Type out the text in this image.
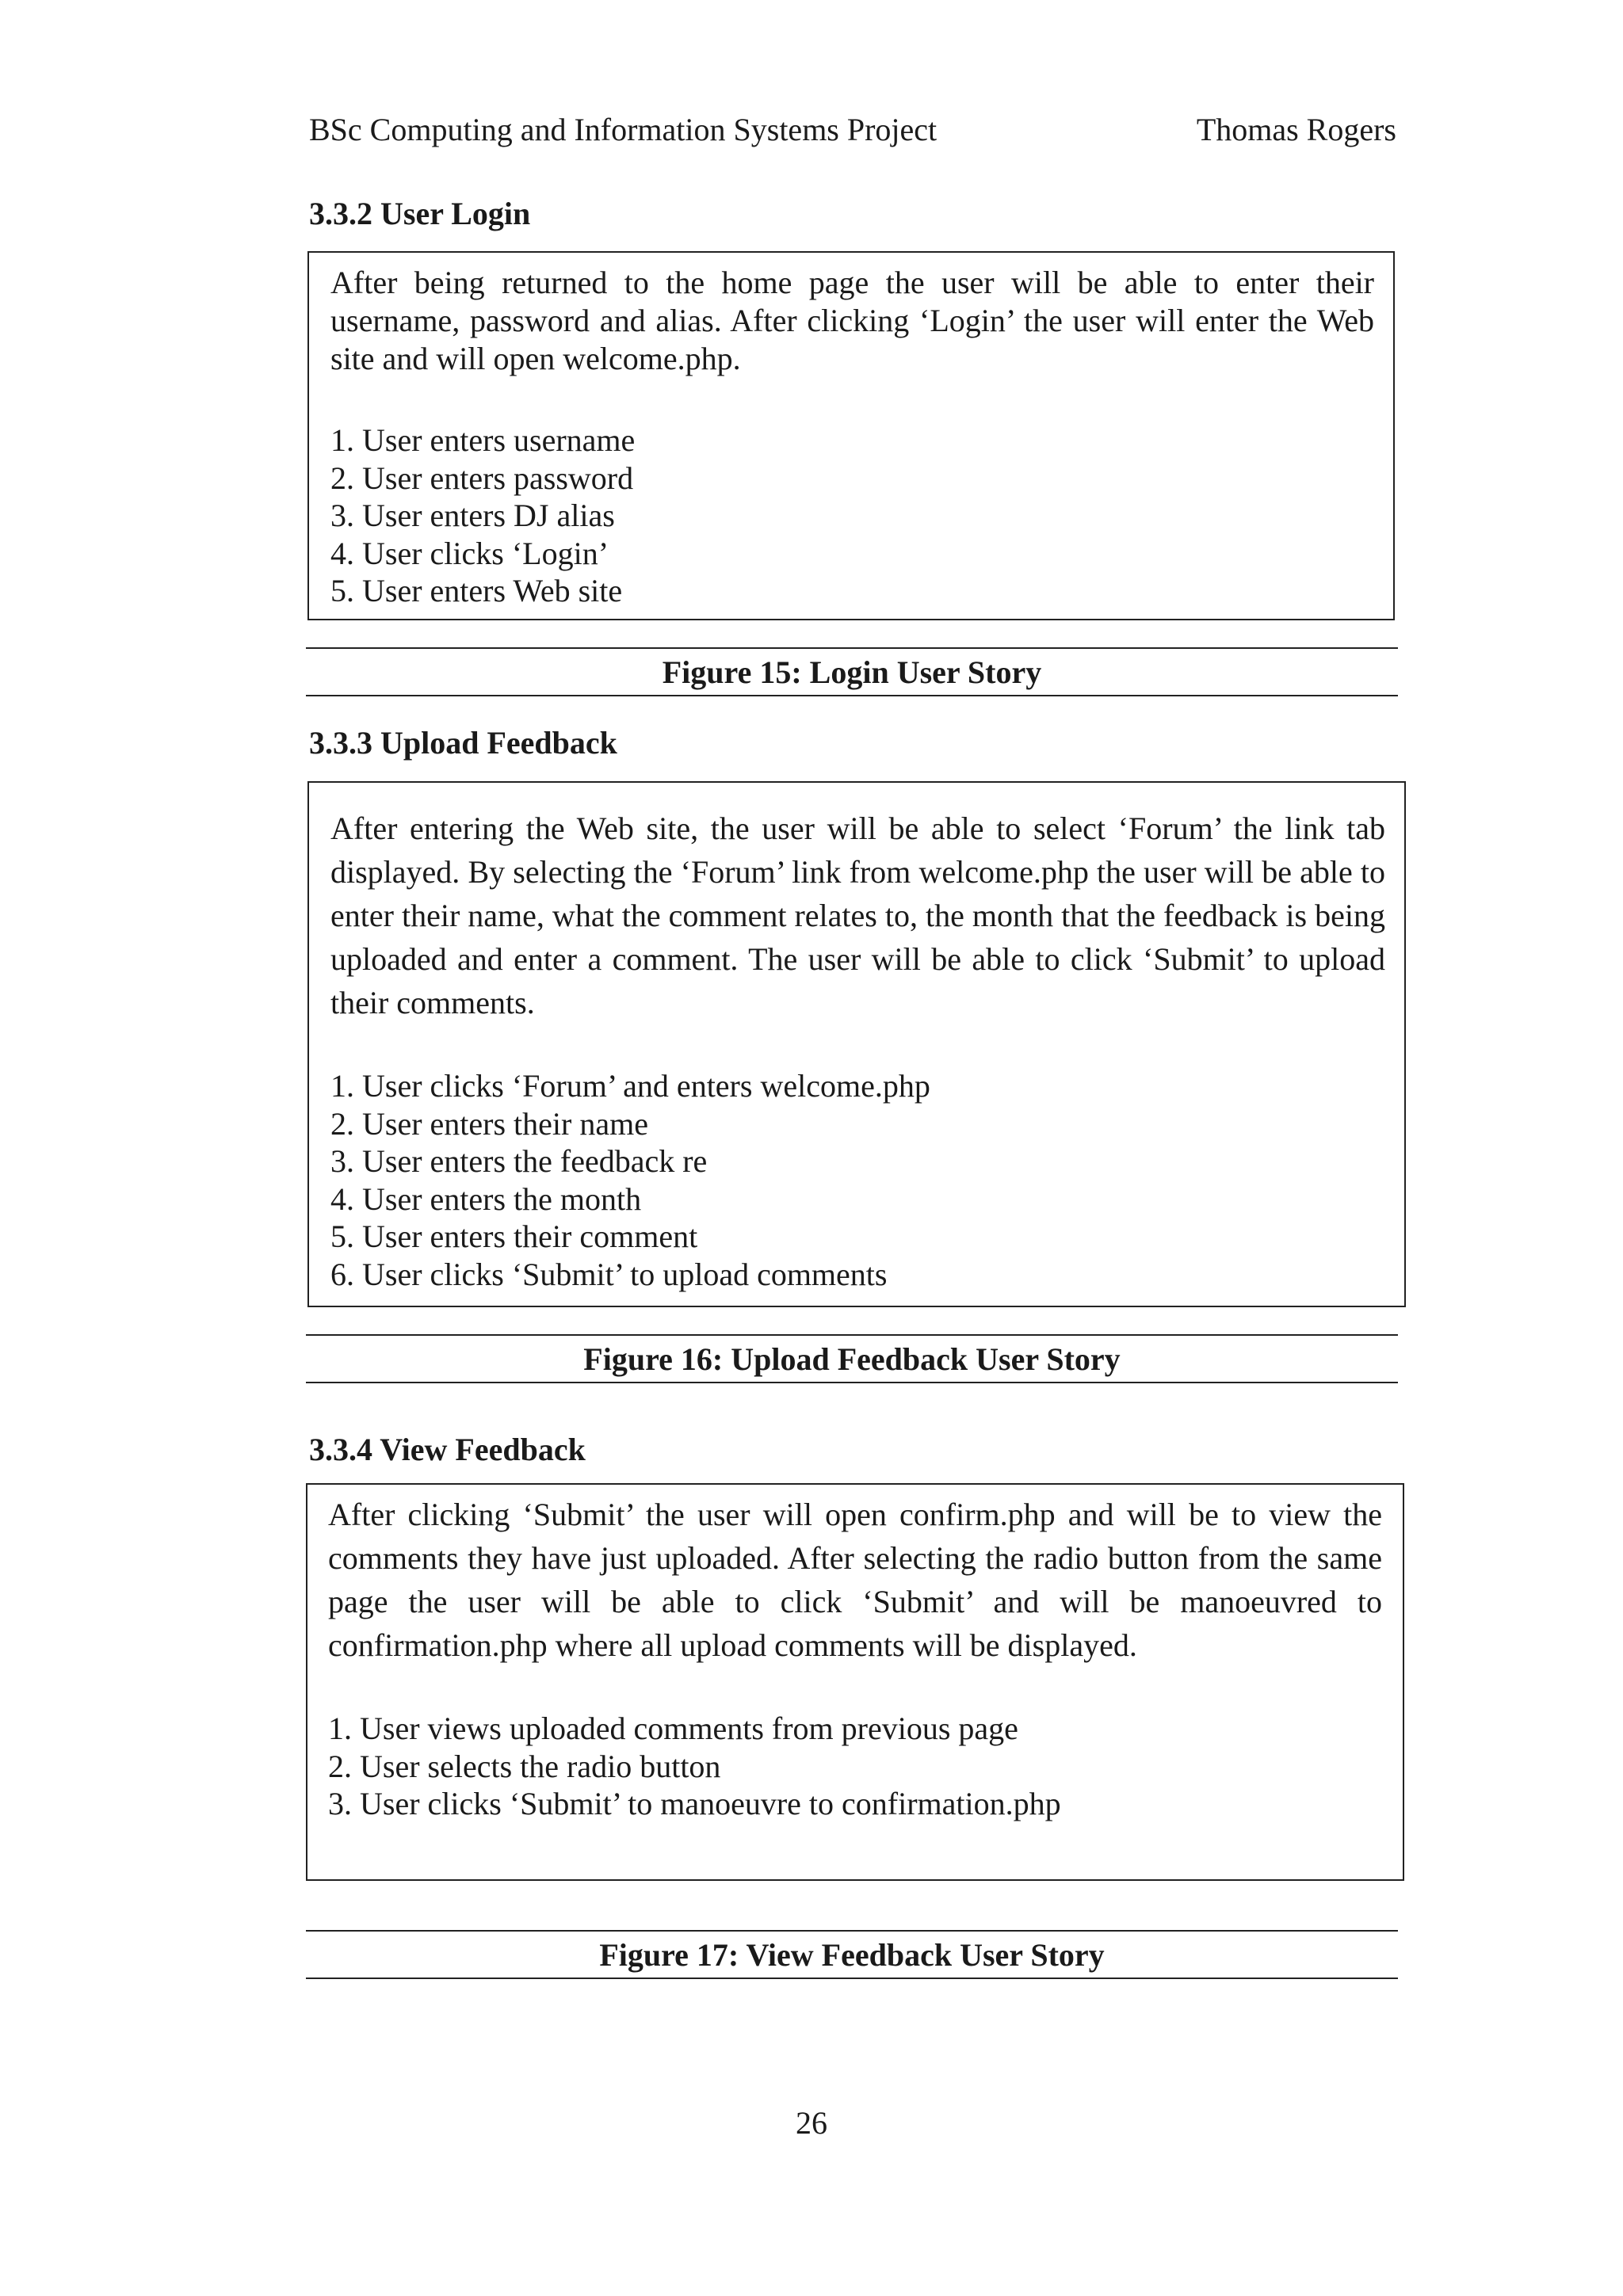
BSc Computing and Information Systems Project	Thomas Rogers
3.3.2 User Login

After being returned to the home page the user will be able to enter their username, password and alias. After clicking ‘Login’ the user will enter the Web site and will open welcome.php.

1. User enters username
2. User enters password
3. User enters DJ alias
4. User clicks ‘Login’
5. User enters Web site
Figure 15: Login User Story
3.3.3 Upload Feedback

After entering the Web site, the user will be able to select ‘Forum’ the link tab displayed. By selecting the ‘Forum’ link from welcome.php the user will be able to enter their name, what the comment relates to, the month that the feedback is being uploaded and enter a comment. The user will be able to click ‘Submit’ to upload their comments.

1. User clicks ‘Forum’ and enters welcome.php
2. User enters their name
3. User enters the feedback re
4. User enters the month
5. User enters their comment
6. User clicks ‘Submit’ to upload comments
Figure 16: Upload Feedback User Story
3.3.4 View Feedback

After clicking ‘Submit’ the user will open confirm.php and will be to view the comments they have just uploaded. After selecting the radio button from the same page the user will be able to click ‘Submit’ and will be manoeuvred to confirmation.php where all upload comments will be displayed.

1. User views uploaded comments from previous page
2. User selects the radio button
3. User clicks ‘Submit’ to manoeuvre to confirmation.php
Figure 17: View Feedback User Story
26
